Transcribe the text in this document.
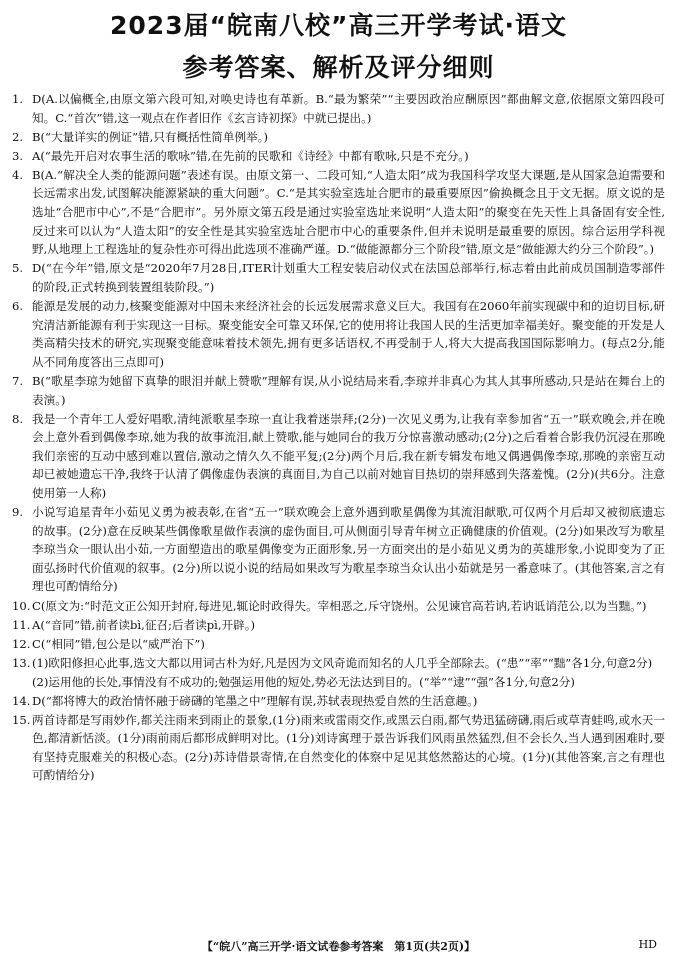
2023届“皖南八校”高三开学考试·语文
参考答案、解析及评分细则
1. D(A.以偏概全,由原文第六段可知,对唤史诗也有革新。B.“最为繁荣”“主要因政治应酬原因”都曲解文意,依据原文第四段可知。C.“首次”错,这一观点在作者旧作《玄言诗初探》中就已提出。)
2. B(“大量详实的例证”错,只有概括性简单例举。)
3. A(“最先开启对农事生活的歌咏”错,在先前的民歌和《诗经》中都有歌咏,只是不充分。)
4. B(A.“解决全人类的能源问题”表述有误。由原文第一、二段可知,“人造太阳”成为我国科学攻坚大课题,是从国家急迫需要和长远需求出发,试图解决能源紧缺的重大问题”。C.“是其实验室选址合肥市的最重要原因”偷换概念且于文无据。原文说的是选址“合肥市中心”,不是“合肥市”。另外原文第五段是通过实验室选址来说明“人造太阳”的聚变在先天性上具备固有安全性,反过来可以认为“人造太阳”的安全性是其实验室选址合肥市中心的重要条件,但并未说明是最重要的原因。综合运用学科视野,从地理上工程选址的复杂性亦可得出此选项不准确严谨。D.“做能源都分三个阶段”错,原文是“做能源大约分三个阶段”。)
5. D(“在今年”错,原文是“2020年7月28日,ITER计划重大工程安装启动仪式在法国总部举行,标志着由此前成员国制造零部件的阶段,正式转换到装置组装阶段。”)
6. 能源是发展的动力,核聚变能源对中国未来经济社会的长远发展需求意义巨大。我国有在2060年前实现碳中和的迫切目标,研究清洁新能源有利于实现这一目标。聚变能安全可靠又环保,它的使用将让我国人民的生活更加幸福美好。聚变能的开发是人类高精尖技术的研究,实现聚变能意味着技术领先,拥有更多话语权,不再受制于人,将大大提高我国国际影响力。(每点2分,能从不同角度答出三点即可)
7. B(“歌星李琼为她留下真挚的眼泪并献上赞歌”理解有误,从小说结局来看,李琼并非真心为其人其事所感动,只是站在舞台上的表演。)
8. 我是一个青年工人爱好唱歌,清纯派歌星李琼一直让我着迷崇拜;(2分)一次见义勇为,让我有幸参加省“五一”联欢晚会,并在晚会上意外看到偶像李琼,她为我的故事流泪,献上赞歌,能与她同台的我万分惊喜激动感动;(2分)之后看着合影我仍沉浸在那晚我们亲密的互动中感到难以置信,激动之情久久不能平复;(2分)两个月后,我在新专辑发布地又偶遇偶像李琼,那晚的亲密互动却已被她遗忘干净,我终于认清了偶像虚伪表演的真面目,为自己以前对她盲目热切的崇拜感到失落羞愧。(2分)(共6分。注意使用第一人称)
9. 小说写追星青年小茹见义勇为被表彰,在省“五一”联欢晚会上意外遇到歌星偶像为其流泪献歌,可仅两个月后却又被彻底遗忘的故事。(2分)意在反映某些偶像歌星做作表演的虚伪面目,可从侧面引导青年树立正确健康的价值观。(2分)如果改写为歌星李琼当众一眼认出小茹,一方面塑造出的歌星偶像变为正面形象,另一方面突出的是小茹见义勇为的英雄形象,小说即变为了正面弘扬时代价值观的叙事。(2分)所以说小说的结局如果改写为歌星李琼当众认出小茹就是另一番意味了。(其他答案,言之有理也可酌情给分)
10. C(原文为:“时范文正公知开封府,每进见,辄论时政得失。宰相恶之,斥守饶州。公见谏官高若讷,若讷诋诮范公,以为当黜。”)
11. A(“音同”错,前者读bì,征召;后者读pì,开辟。)
12. C(“相同”错,包公是以“威严治下”)
13. (1)欧阳修担心此事,选文大都以用词古朴为好,凡是因为文风奇诡而知名的人几乎全部除去。(“患”“率”“黜”各1分,句意2分)
(2)运用他的长处,事情没有不成功的;勉强运用他的短处,势必无法达到目的。(“举”“逮”“强”各1分,句意2分)
14. D(“都将博大的政治情怀融于磅礴的笔墨之中”理解有误,苏轼表现热爱自然的生活意趣。)
15. 两首诗都是写雨妙作,都关注雨来到雨止的景象,(1分)雨来或雷雨交作,或黑云白雨,都气势迅猛磅礴,雨后或草青蛙鸣,或水天一色,都清新恬淡。(1分)雨前雨后都形成鲜明对比。(1分)刘诗寓理于景告诉我们风雨虽然猛烈,但不会长久,当人遇到困难时,要有坚持克服难关的积极心态。(2分)苏诗借景寄情,在自然变化的体察中足见其悠然豁达的心境。(1分)(其他答案,言之有理也可酌情给分)
【“皖八”高三开学·语文试卷参考答案　第1页(共2页)】	HD
